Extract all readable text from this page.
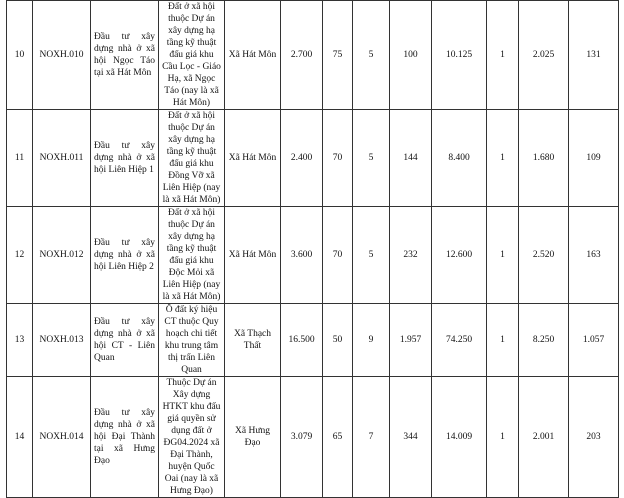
10	NOXH.010	Đầu tư xây dựng nhà ở xã hội Ngọc Táo tại xã Hát Môn	Đất ở xã hội thuộc Dự án xây dựng hạ tầng kỹ thuật đấu giá khu Cầu Lọc - Giáo Hạ, xã Ngọc Táo (nay là xã Hát Môn)	Xã Hát Môn	2.700	75	5	100	10.125	1	2.025	131
11	NOXH.011	Đầu tư xây dựng nhà ở xã hội Liên Hiệp 1	Đất ở xã hội thuộc Dự án xây dựng hạ tầng kỹ thuật đấu giá khu Đồng Vỡ xã Liên Hiệp (nay là xã Hát Môn)	Xã Hát Môn	2.400	70	5	144	8.400	1	1.680	109
12	NOXH.012	Đầu tư xây dựng nhà ở xã hội Liên Hiệp 2	Đất ở xã hội thuộc Dự án xây dựng hạ tầng kỹ thuật đấu giá khu Độc Mỏi xã Liên Hiệp (nay là xã Hát Môn)	Xã Hát Môn	3.600	70	5	232	12.600	1	2.520	163
13	NOXH.013	Đầu tư xây dựng nhà ở xã hội CT - Liên Quan	Ô đất ký hiệu CT thuộc Quy hoạch chi tiết khu trung tâm thị trấn Liên Quan	Xã Thạch Thất	16.500	50	9	1.957	74.250	1	8.250	1.057
14	NOXH.014	Đầu tư xây dựng nhà ở xã hội Đại Thành tại xã Hưng Đạo	Thuộc Dự án Xây dựng HTKT khu đấu giá quyền sử dụng đất ở ĐG04.2024 xã Đại Thành, huyện Quốc Oai (nay là xã Hưng Đạo)	Xã Hưng Đạo	3.079	65	7	344	14.009	1	2.001	203
